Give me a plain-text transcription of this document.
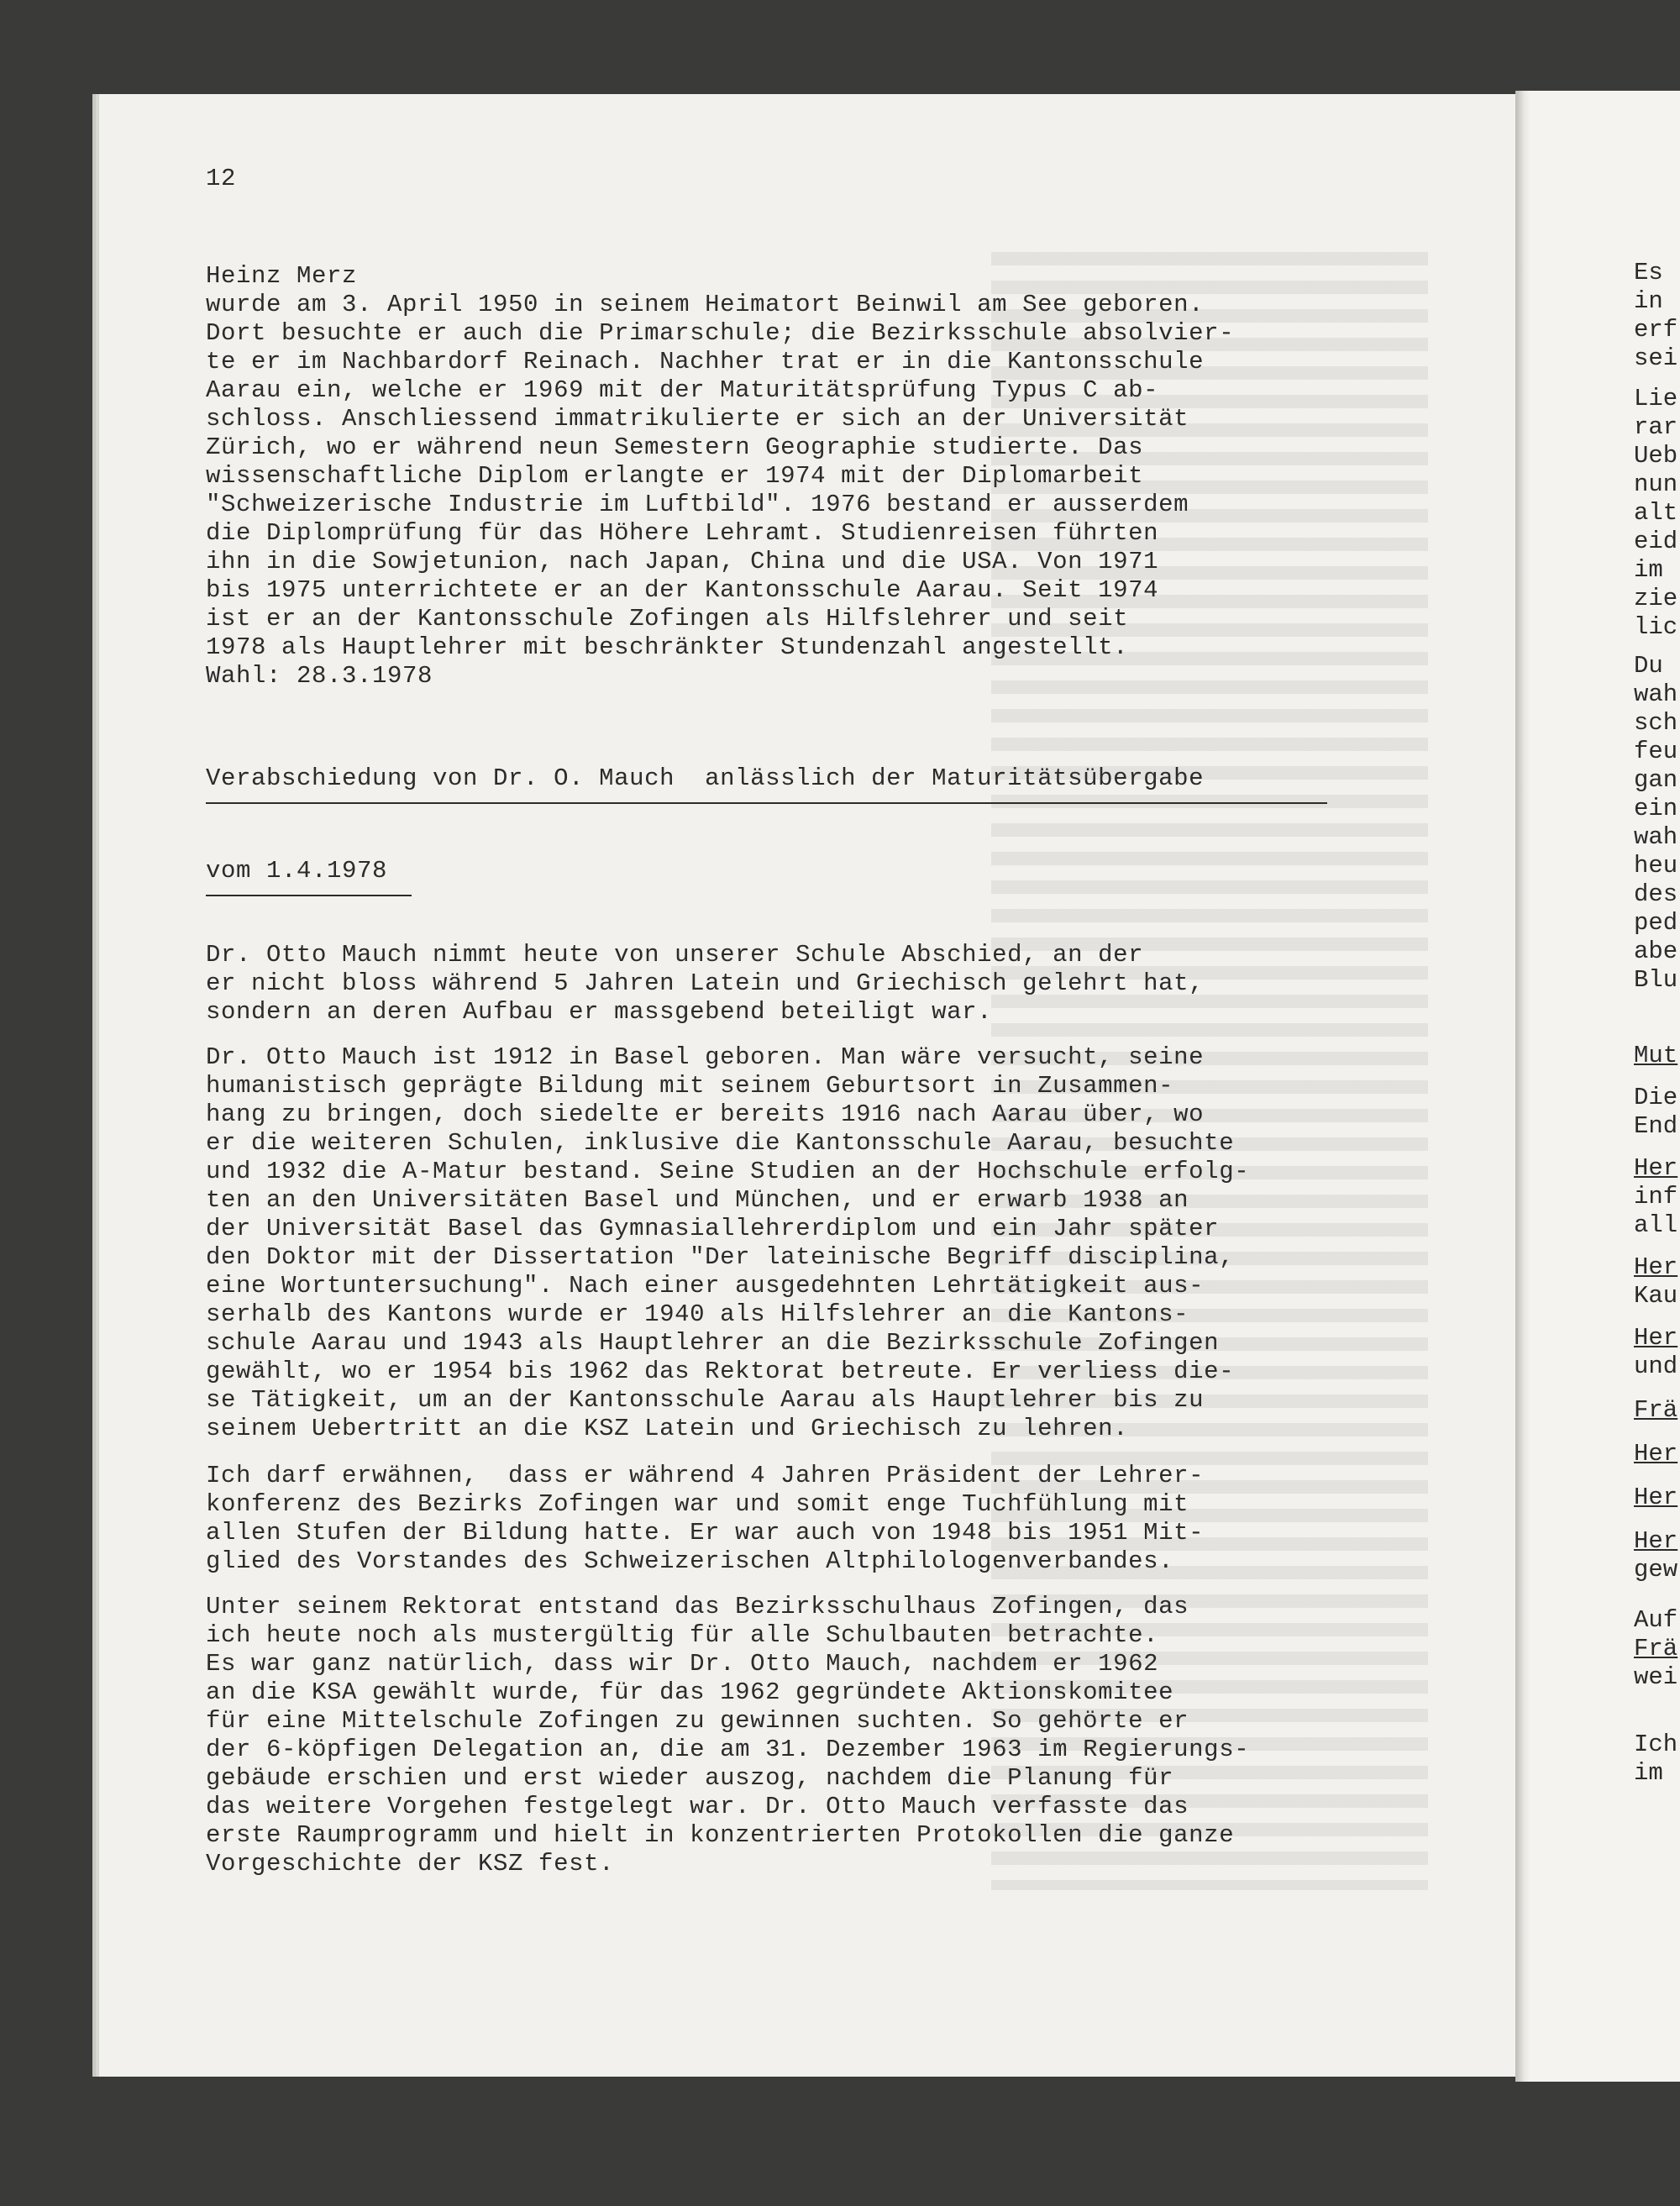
12
Heinz Merz
wurde am 3. April 1950 in seinem Heimatort Beinwil am See geboren.
Dort besuchte er auch die Primarschule; die Bezirksschule absolvier-
te er im Nachbardorf Reinach. Nachher trat er in die Kantonsschule
Aarau ein, welche er 1969 mit der Maturitätsprüfung Typus C ab-
schloss. Anschliessend immatrikulierte er sich an der Universität
Zürich, wo er während neun Semestern Geographie studierte. Das
wissenschaftliche Diplom erlangte er 1974 mit der Diplomarbeit
"Schweizerische Industrie im Luftbild". 1976 bestand er ausserdem
die Diplomprüfung für das Höhere Lehramt. Studienreisen führten
ihn in die Sowjetunion, nach Japan, China und die USA. Von 1971
bis 1975 unterrichtete er an der Kantonsschule Aarau. Seit 1974
ist er an der Kantonsschule Zofingen als Hilfslehrer und seit
1978 als Hauptlehrer mit beschränkter Stundenzahl angestellt.
Wahl: 28.3.1978
Verabschiedung von Dr. O. Mauch  anlässlich der Maturitätsübergabe
vom 1.4.1978
Dr. Otto Mauch nimmt heute von unserer Schule Abschied, an der
er nicht bloss während 5 Jahren Latein und Griechisch gelehrt hat,
sondern an deren Aufbau er massgebend beteiligt war.
Dr. Otto Mauch ist 1912 in Basel geboren. Man wäre versucht, seine
humanistisch geprägte Bildung mit seinem Geburtsort in Zusammen-
hang zu bringen, doch siedelte er bereits 1916 nach Aarau über, wo
er die weiteren Schulen, inklusive die Kantonsschule Aarau, besuchte
und 1932 die A-Matur bestand. Seine Studien an der Hochschule erfolg-
ten an den Universitäten Basel und München, und er erwarb 1938 an
der Universität Basel das Gymnasiallehrerdiplom und ein Jahr später
den Doktor mit der Dissertation "Der lateinische Begriff disciplina,
eine Wortuntersuchung". Nach einer ausgedehnten Lehrtätigkeit aus-
serhalb des Kantons wurde er 1940 als Hilfslehrer an die Kantons-
schule Aarau und 1943 als Hauptlehrer an die Bezirksschule Zofingen
gewählt, wo er 1954 bis 1962 das Rektorat betreute. Er verliess die-
se Tätigkeit, um an der Kantonsschule Aarau als Hauptlehrer bis zu
seinem Uebertritt an die KSZ Latein und Griechisch zu lehren.
Ich darf erwähnen,  dass er während 4 Jahren Präsident der Lehrer-
konferenz des Bezirks Zofingen war und somit enge Tuchfühlung mit
allen Stufen der Bildung hatte. Er war auch von 1948 bis 1951 Mit-
glied des Vorstandes des Schweizerischen Altphilologenverbandes.
Unter seinem Rektorat entstand das Bezirksschulhaus Zofingen, das
ich heute noch als mustergültig für alle Schulbauten betrachte.
Es war ganz natürlich, dass wir Dr. Otto Mauch, nachdem er 1962
an die KSA gewählt wurde, für das 1962 gegründete Aktionskomitee
für eine Mittelschule Zofingen zu gewinnen suchten. So gehörte er
der 6-köpfigen Delegation an, die am 31. Dezember 1963 im Regierungs-
gebäude erschien und erst wieder auszog, nachdem die Planung für
das weitere Vorgehen festgelegt war. Dr. Otto Mauch verfasste das
erste Raumprogramm und hielt in konzentrierten Protokollen die ganze
Vorgeschichte der KSZ fest.
Es
in
erf
sei
Lie
rar
Ueb
nun
alt
eid
im
zie
lic
Du
wah
sch
feu
gan
ein
wah
heu
des
ped
abe
Blu
Mut
Die
End
Her
inf
all
Her
Kau
Her
und
Frä
Her
Her
Her
gew
Auf
Frä
wei
Ich
im
